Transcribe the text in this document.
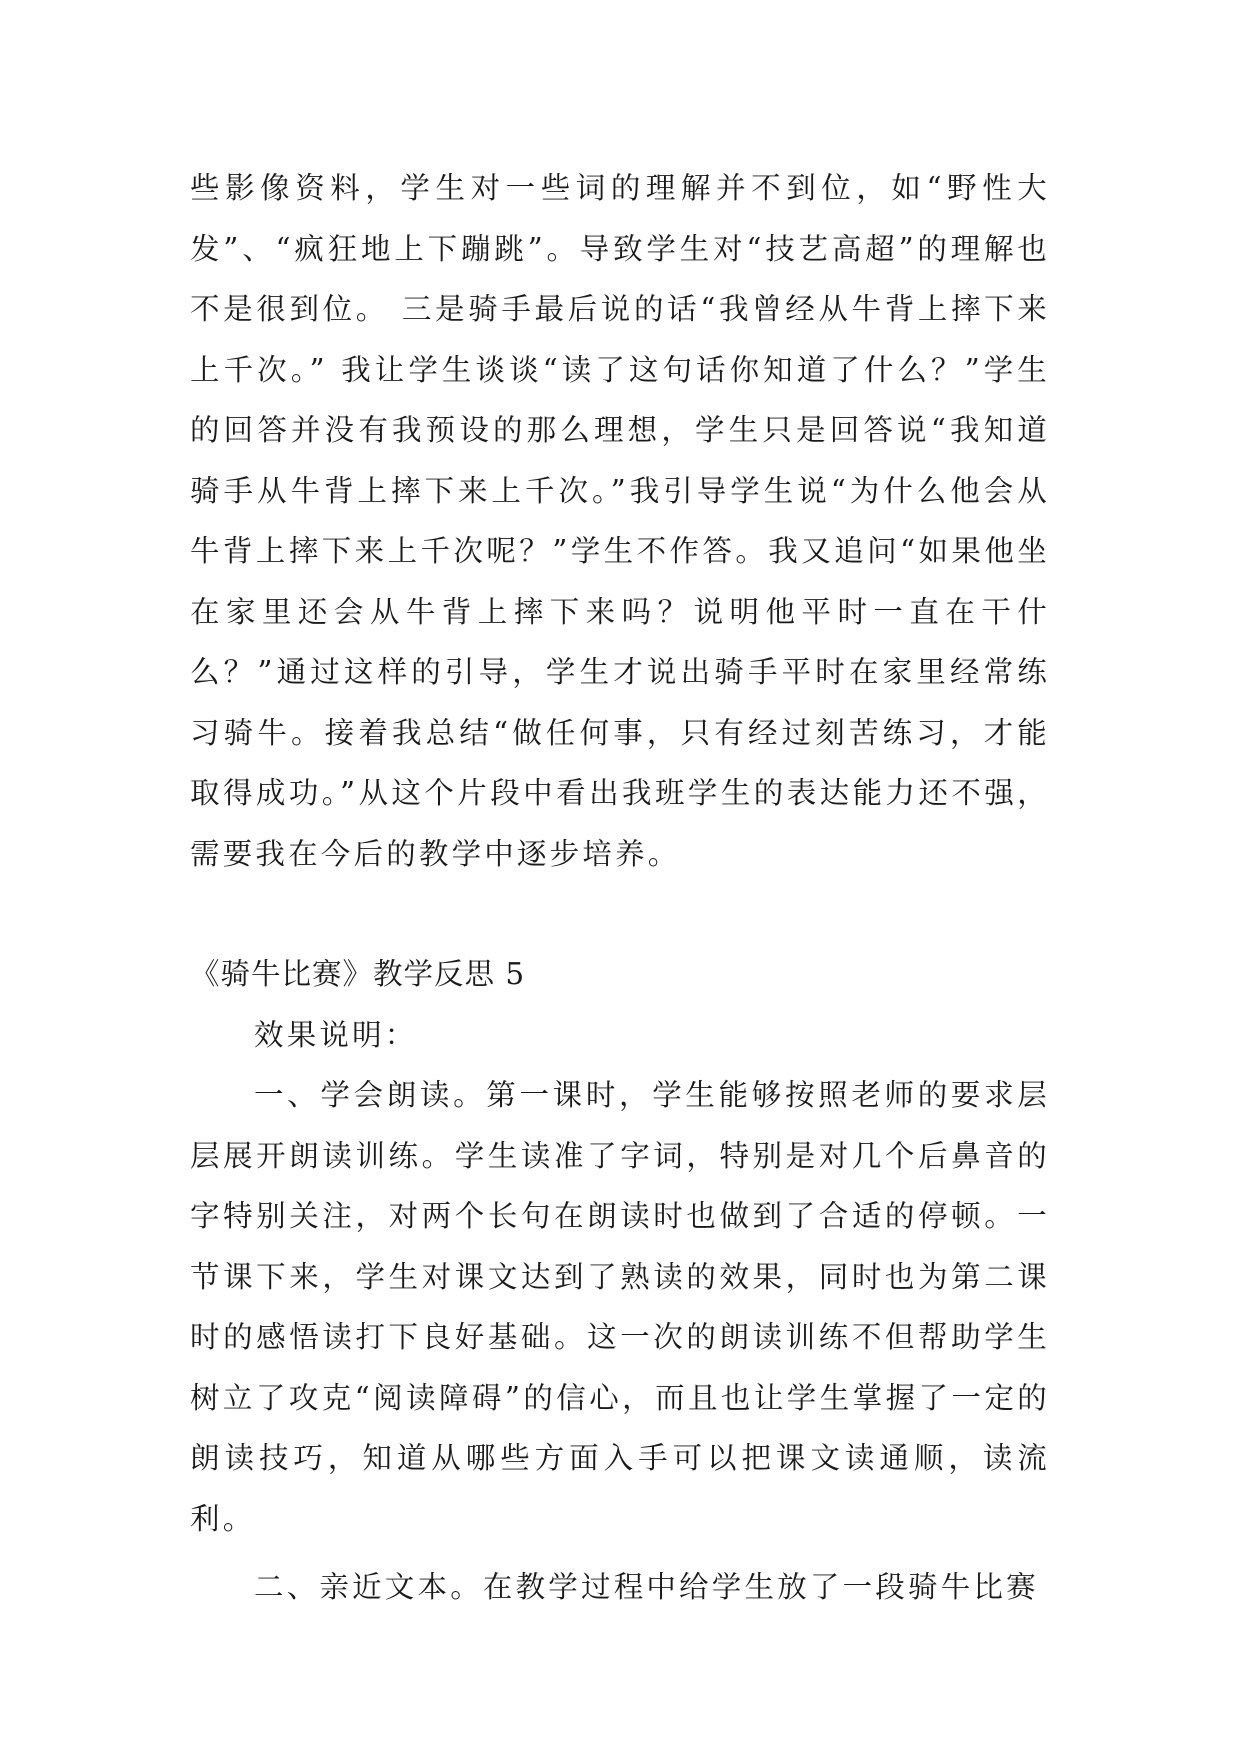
些影像资料，学生对一些词的理解并不到位，如“野性大发”、“疯狂地上下蹦跳”。导致学生对“技艺高超”的理解也不是很到位。 三是骑手最后说的话“我曾经从牛背上摔下来上千次。” 我让学生谈谈“读了这句话你知道了什么？”学生的回答并没有我预设的那么理想，学生只是回答说“我知道骑手从牛背上摔下来上千次。”我引导学生说“为什么他会从牛背上摔下来上千次呢？”学生不作答。我又追问“如果他坐在家里还会从牛背上摔下来吗？说明他平时一直在干什么？”通过这样的引导，学生才说出骑手平时在家里经常练习骑牛。接着我总结“做任何事，只有经过刻苦练习，才能取得成功。”从这个片段中看出我班学生的表达能力还不强，需要我在今后的教学中逐步培养。

《骑牛比赛》教学反思 5

效果说明：

一、学会朗读。第一课时，学生能够按照老师的要求层层展开朗读训练。学生读准了字词，特别是对几个后鼻音的字特别关注，对两个长句在朗读时也做到了合适的停顿。一节课下来，学生对课文达到了熟读的效果，同时也为第二课时的感悟读打下良好基础。这一次的朗读训练不但帮助学生树立了攻克“阅读障碍”的信心，而且也让学生掌握了一定的朗读技巧，知道从哪些方面入手可以把课文读通顺，读流利。

二、亲近文本。在教学过程中给学生放了一段骑牛比赛
